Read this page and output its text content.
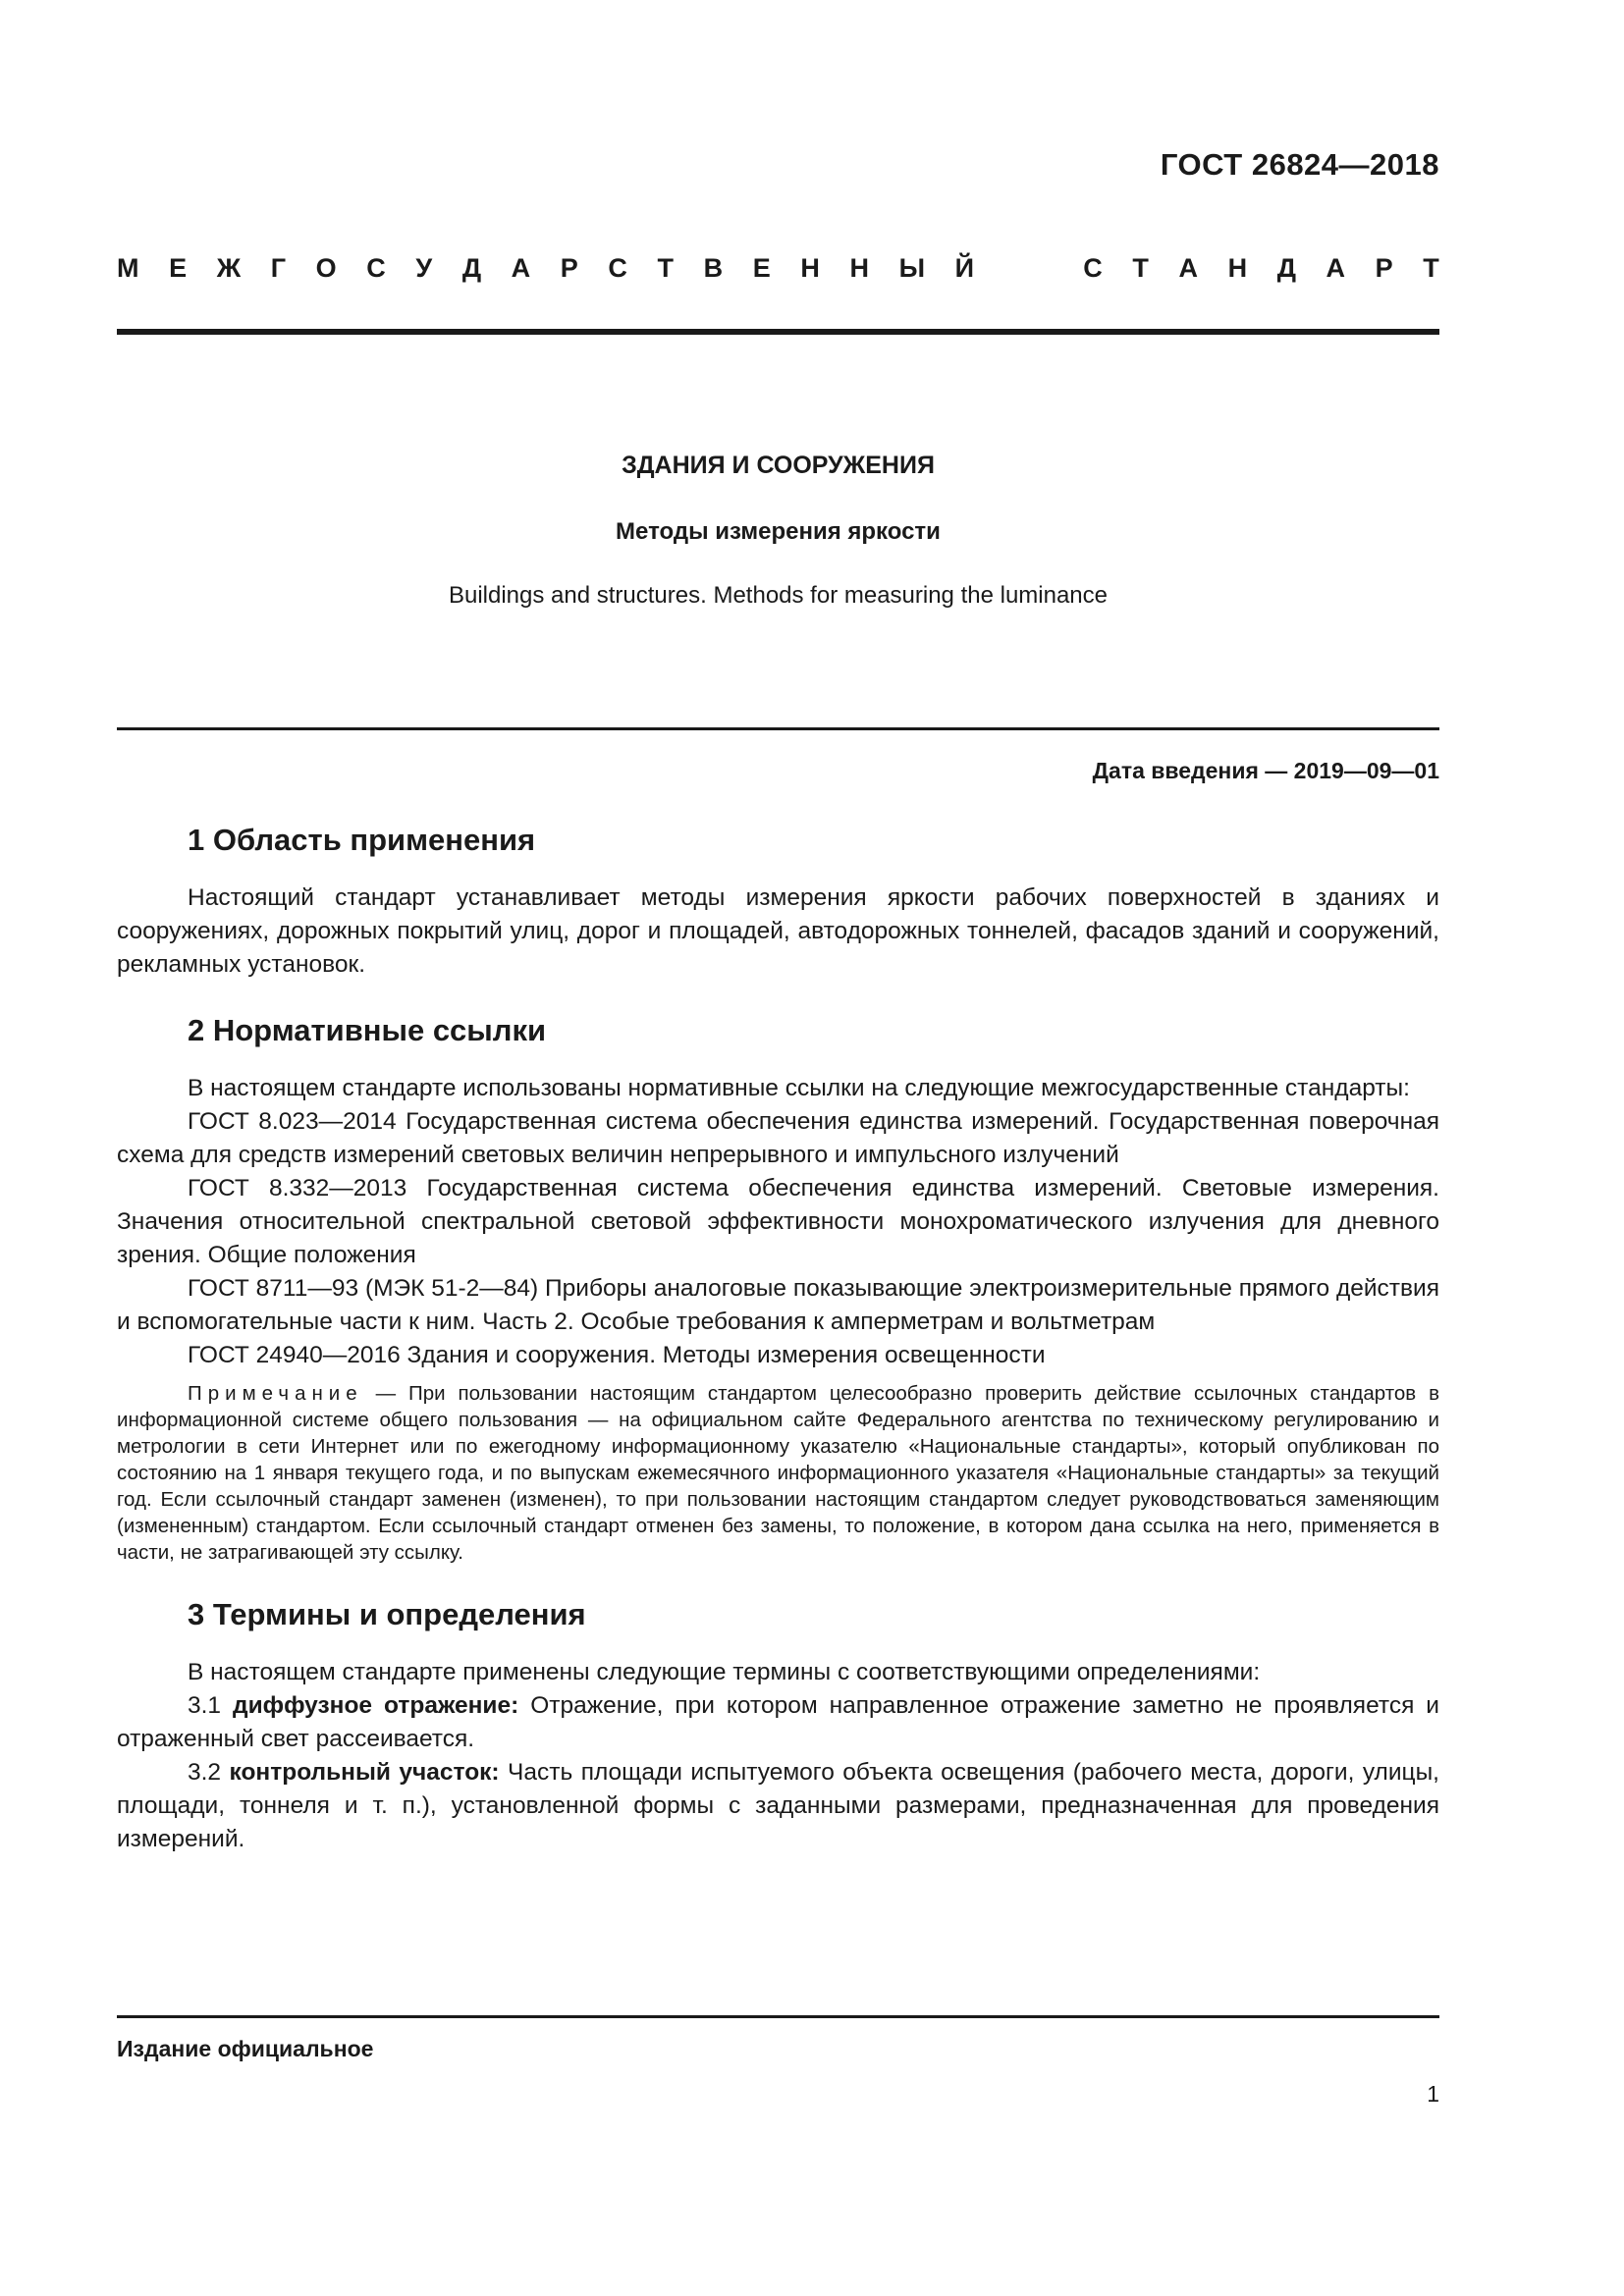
ГОСТ 26824—2018
М Е Ж Г О С У Д А Р С Т В Е Н Н Ы Й	С Т А Н Д А Р Т
ЗДАНИЯ И СООРУЖЕНИЯ
Методы измерения яркости
Buildings and structures. Methods for measuring the luminance
Дата введения — 2019—09—01
1 Область применения

Настоящий стандарт устанавливает методы измерения яркости рабочих поверхностей в зданиях и сооружениях, дорожных покрытий улиц, дорог и площадей, автодорожных тоннелей, фасадов зданий и сооружений, рекламных установок.

2 Нормативные ссылки

В настоящем стандарте использованы нормативные ссылки на следующие межгосударственные стандарты:

ГОСТ 8.023—2014 Государственная система обеспечения единства измерений. Государственная поверочная схема для средств измерений световых величин непрерывного и импульсного излучений

ГОСТ 8.332—2013 Государственная система обеспечения единства измерений. Световые измерения. Значения относительной спектральной световой эффективности монохроматического излучения для дневного зрения. Общие положения

ГОСТ 8711—93 (МЭК 51-2—84) Приборы аналоговые показывающие электроизмерительные прямого действия и вспомогательные части к ним. Часть 2. Особые требования к амперметрам и вольтметрам

ГОСТ 24940—2016 Здания и сооружения. Методы измерения освещенности

Примечание — При пользовании настоящим стандартом целесообразно проверить действие ссылочных стандартов в информационной системе общего пользования — на официальном сайте Федерального агентства по техническому регулированию и метрологии в сети Интернет или по ежегодному информационному указателю «Национальные стандарты», который опубликован по состоянию на 1 января текущего года, и по выпускам ежемесячного информационного указателя «Национальные стандарты» за текущий год. Если ссылочный стандарт заменен (изменен), то при пользовании настоящим стандартом следует руководствоваться заменяющим (измененным) стандартом. Если ссылочный стандарт отменен без замены, то положение, в котором дана ссылка на него, применяется в части, не затрагивающей эту ссылку.

3 Термины и определения

В настоящем стандарте применены следующие термины с соответствующими определениями:

3.1 диффузное отражение: Отражение, при котором направленное отражение заметно не проявляется и отраженный свет рассеивается.

3.2 контрольный участок: Часть площади испытуемого объекта освещения (рабочего места, дороги, улицы, площади, тоннеля и т. п.), установленной формы с заданными размерами, предназначенная для проведения измерений.

Издание официальное
1
